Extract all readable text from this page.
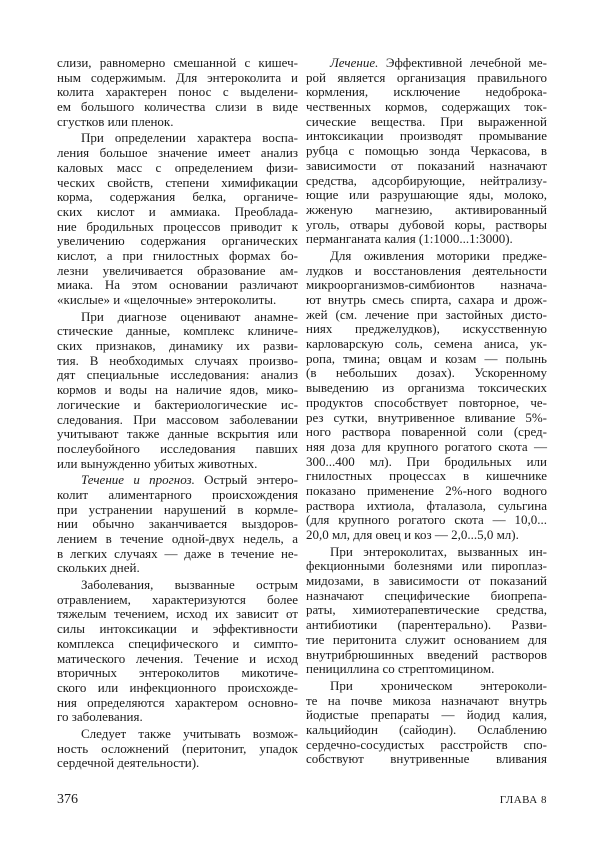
слизи, равномерно смешанной с кишеч-
ным содержимым. Для энтероколита и
колита характерен понос с выделени-
ем большого количества слизи в виде
сгустков или пленок.
При определении характера воспа-
ления большое значение имеет анализ
каловых масс с определением физи-
ческих свойств, степени химификации
корма, содержания белка, органиче-
ских кислот и аммиака. Преоблада-
ние бродильных процессов приводит к
увеличению содержания органических
кислот, а при гнилостных формах бо-
лезни увеличивается образование ам-
миака. На этом основании различают
«кислые» и «щелочные» энтероколиты.
При диагнозе оценивают анамне-
стические данные, комплекс клиниче-
ских признаков, динамику их разви-
тия. В необходимых случаях произво-
дят специальные исследования: анализ
кормов и воды на наличие ядов, мико-
логические и бактериологические ис-
следования. При массовом заболевании
учитывают также данные вскрытия или
послеубойного исследования павших
или вынужденно убитых животных.
Течение и прогноз. Острый энтеро-
колит алиментарного происхождения
при устранении нарушений в кормле-
нии обычно заканчивается выздоров-
лением в течение одной-двух недель, а
в легких случаях — даже в течение не-
скольких дней.
Заболевания, вызванные острым
отравлением, характеризуются более
тяжелым течением, исход их зависит от
силы интоксикации и эффективности
комплекса специфического и симпто-
матического лечения. Течение и исход
вторичных энтероколитов микотиче-
ского или инфекционного происхожде-
ния определяются характером основно-
го заболевания.
Следует также учитывать возмож-
ность осложнений (перитонит, упадок
сердечной деятельности).
Лечение. Эффективной лечебной ме-
рой является организация правильного
кормления, исключение недоброка-
чественных кормов, содержащих ток-
сические вещества. При выраженной
интоксикации производят промывание
рубца с помощью зонда Черкасова, в
зависимости от показаний назначают
средства, адсорбирующие, нейтрализу-
ющие или разрушающие яды, молоко,
жженую магнезию, активированный
уголь, отвары дубовой коры, растворы
перманганата калия (1:1000...1:3000).
Для оживления моторики предже-
лудков и восстановления деятельности
микроорганизмов-симбионтов назнача-
ют внутрь смесь спирта, сахара и дрож-
жей (см. лечение при застойных дисто-
ниях преджелудков), искусственную
карловарскую соль, семена аниса, ук-
ропа, тмина; овцам и козам — полынь
(в небольших дозах). Ускоренному
выведению из организма токсических
продуктов способствует повторное, че-
рез сутки, внутривенное вливание 5%-
ного раствора поваренной соли (сред-
няя доза для крупного рогатого скота —
300...400 мл). При бродильных или
гнилостных процессах в кишечнике
показано применение 2%-ного водного
раствора ихтиола, фталазола, сульгина
(для крупного рогатого скота — 10,0...
20,0 мл, для овец и коз — 2,0...5,0 мл).
При энтероколитах, вызванных ин-
фекционными болезнями или пироплаз-
мидозами, в зависимости от показаний
назначают специфические биопрепа-
раты, химиотерапевтические средства,
антибиотики (парентерально). Разви-
тие перитонита служит основанием для
внутрибрюшинных введений растворов
пенициллина со стрептомицином.
При хроническом энтероколи-
те на почве микоза назначают внутрь
йодистые препараты — йодид калия,
кальцийодин (сайодин). Ослаблению
сердечно-сосудистых расстройств спо-
собствуют внутривенные вливания
376	ГЛАВА 8
